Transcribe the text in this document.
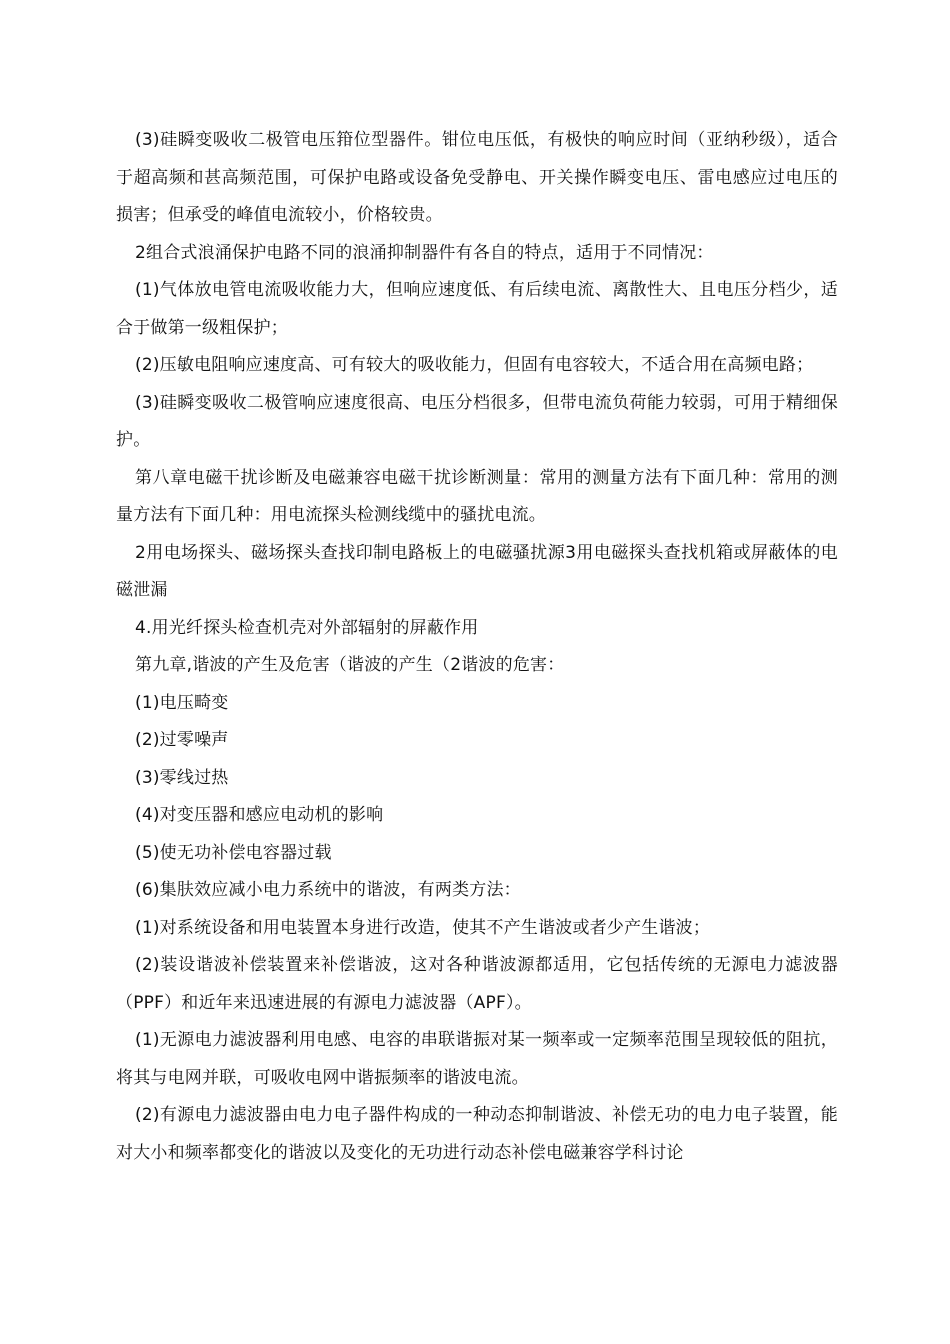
(3)硅瞬变吸收二极管电压箝位型器件。钳位电压低，有极快的响应时间（亚纳秒级），适合于超高频和甚高频范围，可保护电路或设备免受静电、开关操作瞬变电压、雷电感应过电压的损害；但承受的峰值电流较小，价格较贵。

2组合式浪涌保护电路不同的浪涌抑制器件有各自的特点，适用于不同情况：

(1)气体放电管电流吸收能力大，但响应速度低、有后续电流、离散性大、且电压分档少，适合于做第一级粗保护；

(2)压敏电阻响应速度高、可有较大的吸收能力，但固有电容较大，不适合用在高频电路；

(3)硅瞬变吸收二极管响应速度很高、电压分档很多，但带电流负荷能力较弱，可用于精细保护。

第八章电磁干扰诊断及电磁兼容电磁干扰诊断测量：常用的测量方法有下面几种：常用的测量方法有下面几种：用电流探头检测线缆中的骚扰电流。

2用电场探头、磁场探头查找印制电路板上的电磁骚扰源3用电磁探头查找机箱或屏蔽体的电磁泄漏

4.用光纤探头检查机壳对外部辐射的屏蔽作用

第九章,谐波的产生及危害（谐波的产生（2谐波的危害：

(1)电压畸变

(2)过零噪声

(3)零线过热

(4)对变压器和感应电动机的影响

(5)使无功补偿电容器过载

(6)集肤效应减小电力系统中的谐波，有两类方法：

(1)对系统设备和用电装置本身进行改造，使其不产生谐波或者少产生谐波；

(2)装设谐波补偿装置来补偿谐波，这对各种谐波源都适用，它包括传统的无源电力滤波器（PPF）和近年来迅速进展的有源电力滤波器（APF）。

(1)无源电力滤波器利用电感、电容的串联谐振对某一频率或一定频率范围呈现较低的阻抗，将其与电网并联，可吸收电网中谐振频率的谐波电流。

(2)有源电力滤波器由电力电子器件构成的一种动态抑制谐波、补偿无功的电力电子装置，能对大小和频率都变化的谐波以及变化的无功进行动态补偿电磁兼容学科讨论
